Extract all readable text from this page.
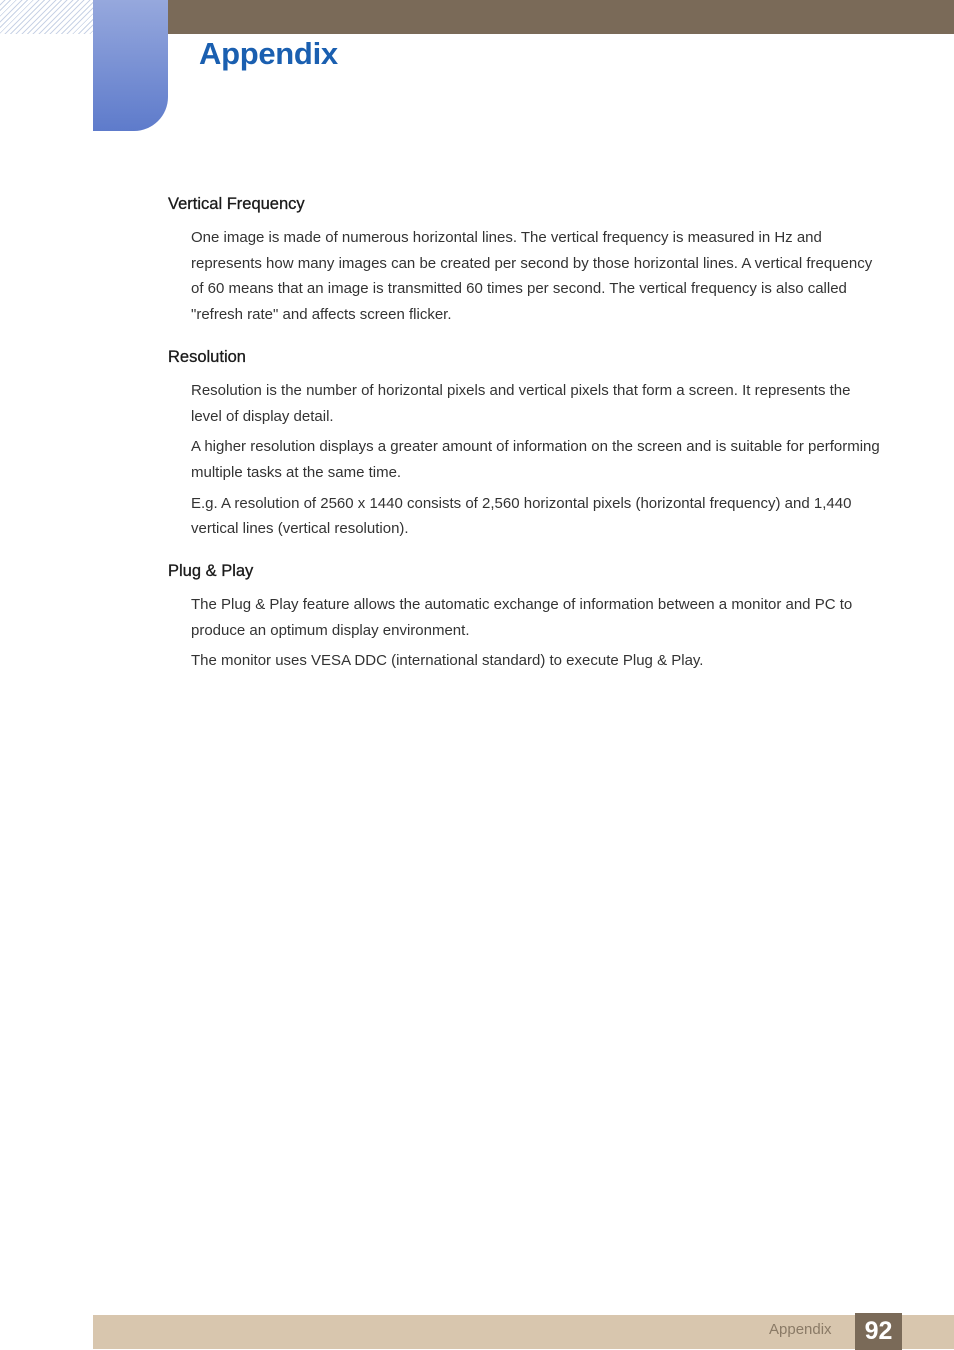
Appendix
Vertical Frequency

One image is made of numerous horizontal lines. The vertical frequency is measured in Hz and represents how many images can be created per second by those horizontal lines. A vertical frequency of 60 means that an image is transmitted 60 times per second. The vertical frequency is also called "refresh rate" and affects screen flicker.

Resolution

Resolution is the number of horizontal pixels and vertical pixels that form a screen. It represents the level of display detail.

A higher resolution displays a greater amount of information on the screen and is suitable for performing multiple tasks at the same time.

E.g. A resolution of 2560 x 1440 consists of 2,560 horizontal pixels (horizontal frequency) and 1,440 vertical lines (vertical resolution).

Plug & Play

The Plug & Play feature allows the automatic exchange of information between a monitor and PC to produce an optimum display environment.

The monitor uses VESA DDC (international standard) to execute Plug & Play.

Appendix	92
